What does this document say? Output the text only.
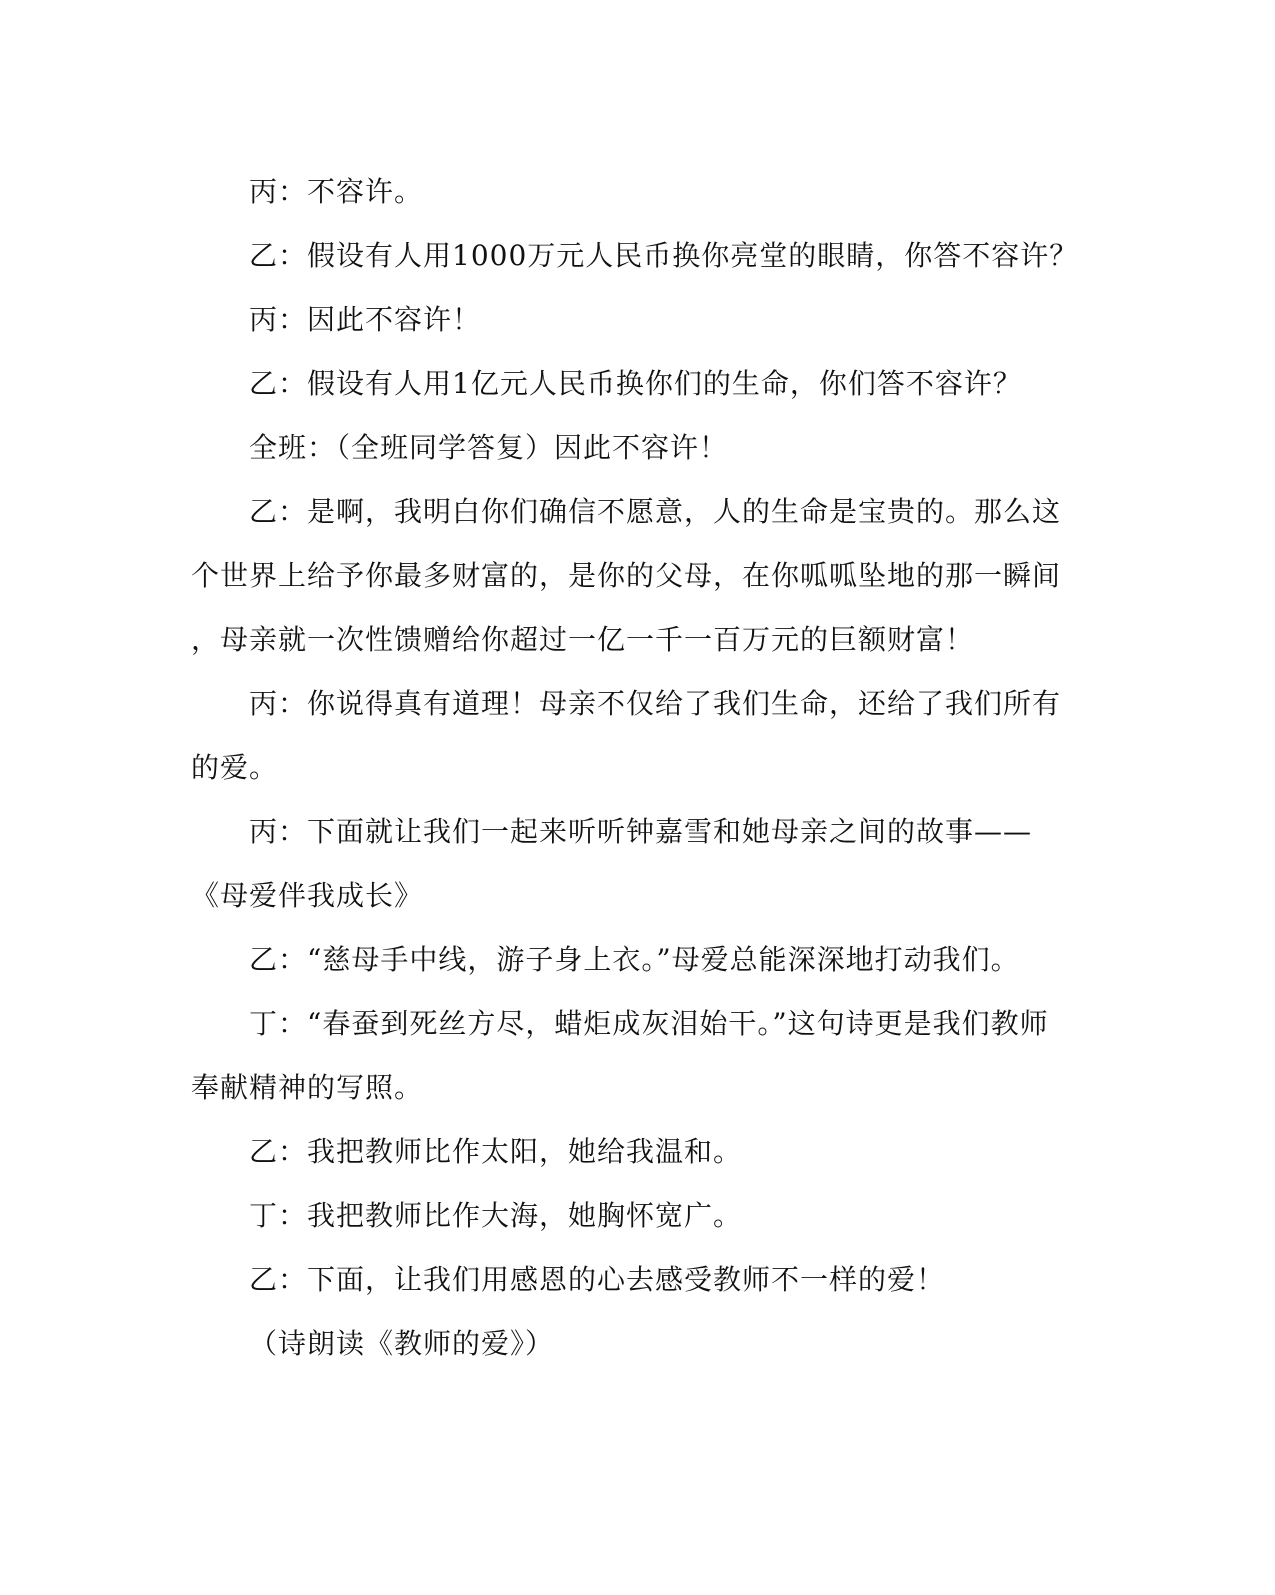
丙：不容许。
乙：假设有人用1000万元人民币换你亮堂的眼睛，你答不容许？
丙：因此不容许！
乙：假设有人用1亿元人民币换你们的生命，你们答不容许？
全班：（全班同学答复）因此不容许！
乙：是啊，我明白你们确信不愿意，人的生命是宝贵的。那么这
个世界上给予你最多财富的，是你的父母，在你呱呱坠地的那一瞬间
，母亲就一次性馈赠给你超过一亿一千一百万元的巨额财富！
丙：你说得真有道理！母亲不仅给了我们生命，还给了我们所有
的爱。
丙：下面就让我们一起来听听钟嘉雪和她母亲之间的故事——
《母爱伴我成长》
乙：“慈母手中线，游子身上衣。”母爱总能深深地打动我们。
丁：“春蚕到死丝方尽，蜡炬成灰泪始干。”这句诗更是我们教师
奉献精神的写照。
乙：我把教师比作太阳，她给我温和。
丁：我把教师比作大海，她胸怀宽广。
乙：下面，让我们用感恩的心去感受教师不一样的爱！
（诗朗读《教师的爱》）
